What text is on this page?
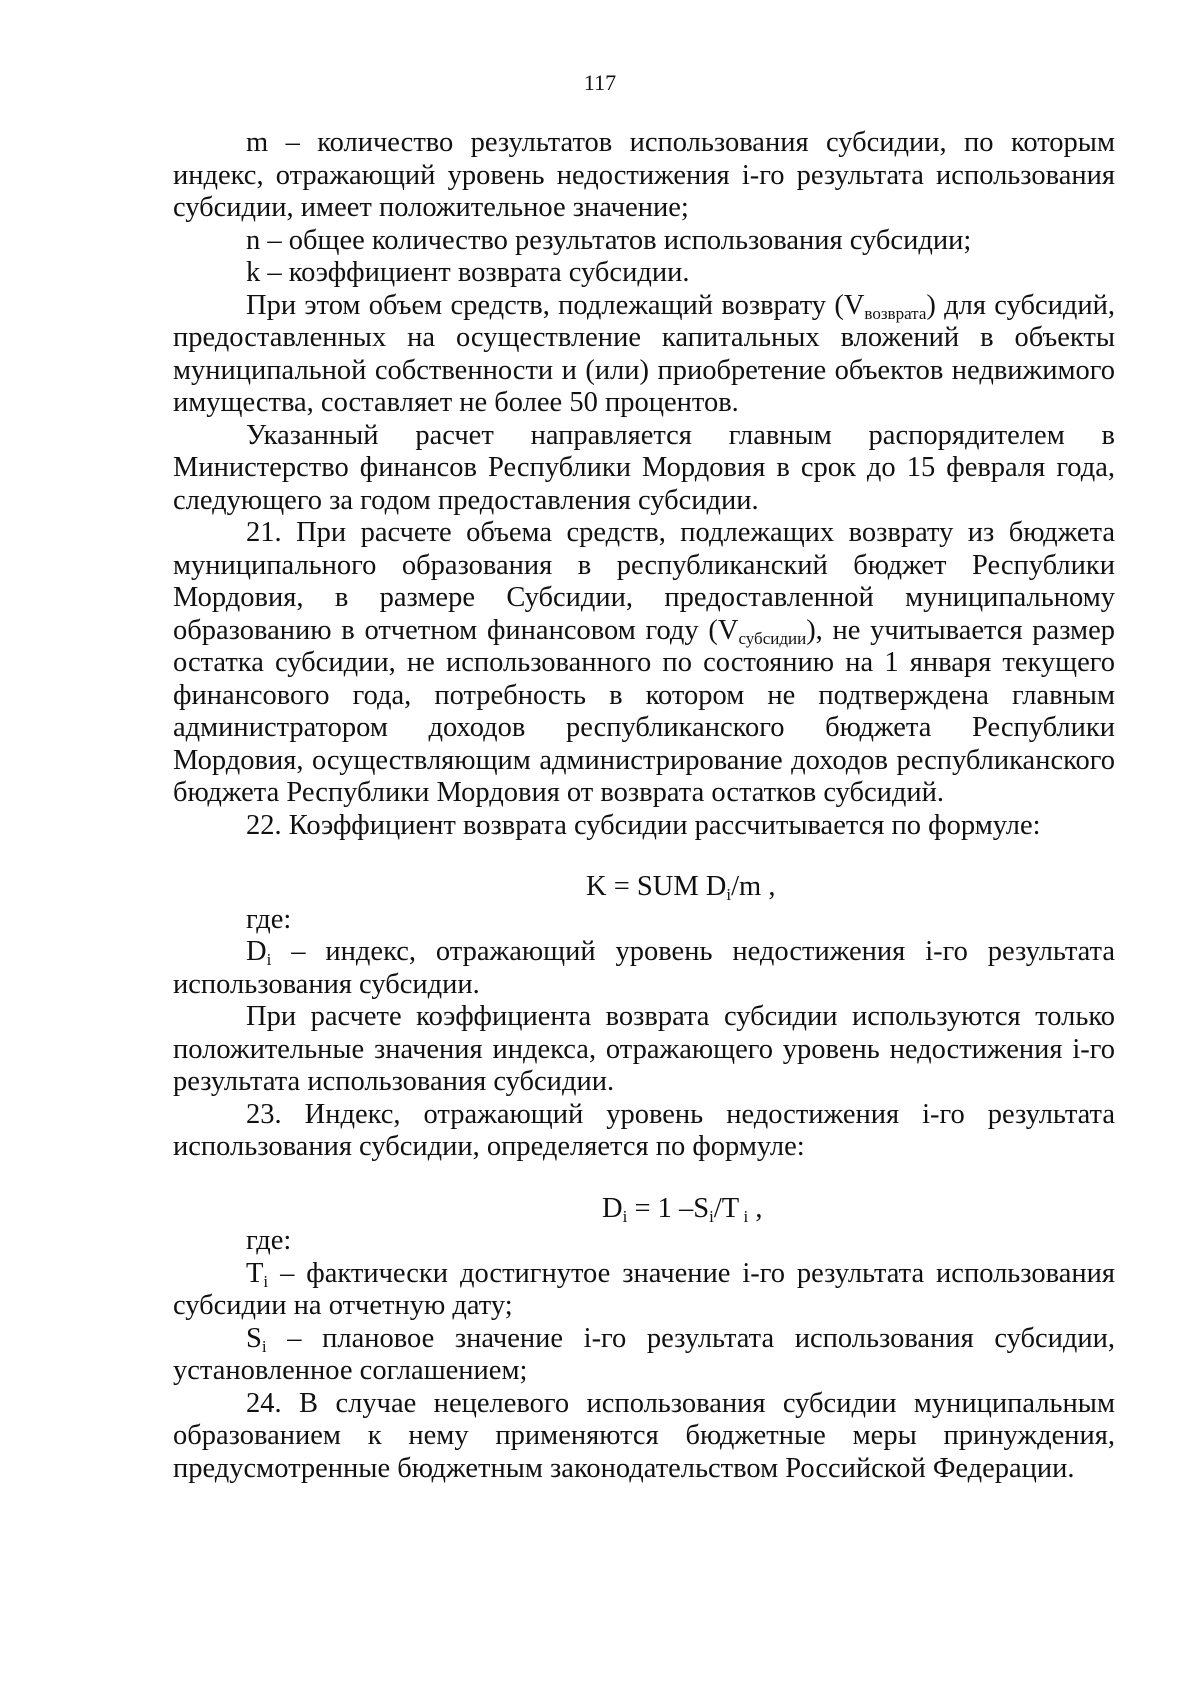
117

m – количество результатов использования субсидии, по которым индекс, отражающий уровень недостижения i-го результата использования субсидии, имеет положительное значение;

n – общее количество результатов использования субсидии;

k – коэффициент возврата субсидии.

При этом объем средств, подлежащий возврату $(V_{возврата})$ для субсидий, предоставленных на осуществление капитальных вложений в объекты муниципальной собственности и (или) приобретение объектов недвижимого имущества, составляет не более 50 процентов.

Указанный расчет направляется главным распорядителем в Министерство финансов Республики Мордовия в срок до 15 февраля года, следующего за годом предоставления субсидии.

21. При расчете объема средств, подлежащих возврату из бюджета муниципального образования в республиканский бюджет Республики Мордовия, в размере Субсидии, предоставленной муниципальному образованию в отчетном финансовом году $(V_{субсидии})$, не учитывается размер остатка субсидии, не использованного по состоянию на 1 января текущего финансового года, потребность в котором не подтверждена главным администратором доходов республиканского бюджета Республики Мордовия, осуществляющим администрирование доходов республиканского бюджета Республики Мордовия от возврата остатков субсидий.

22. Коэффициент возврата субсидии рассчитывается по формуле:

K = SUM $D_i/m$ ,

где:

$D_i$ – индекс, отражающий уровень недостижения i-го результата использования субсидии.

При расчете коэффициента возврата субсидии используются только положительные значения индекса, отражающего уровень недостижения i-го результата использования субсидии.

23. Индекс, отражающий уровень недостижения i-го результата использования субсидии, определяется по формуле:

$D_i = 1$ $-S_i/T$ $_i$ ,

где:

$T_i$ – фактически достигнутое значение i-го результата использования субсидии на отчетную дату;

$S_i$ – плановое значение i-го результата использования субсидии, установленное соглашением;

24. В случае нецелевого использования субсидии муниципальным образованием к нему применяются бюджетные меры принуждения, предусмотренные бюджетным законодательством Российской Федерации.
